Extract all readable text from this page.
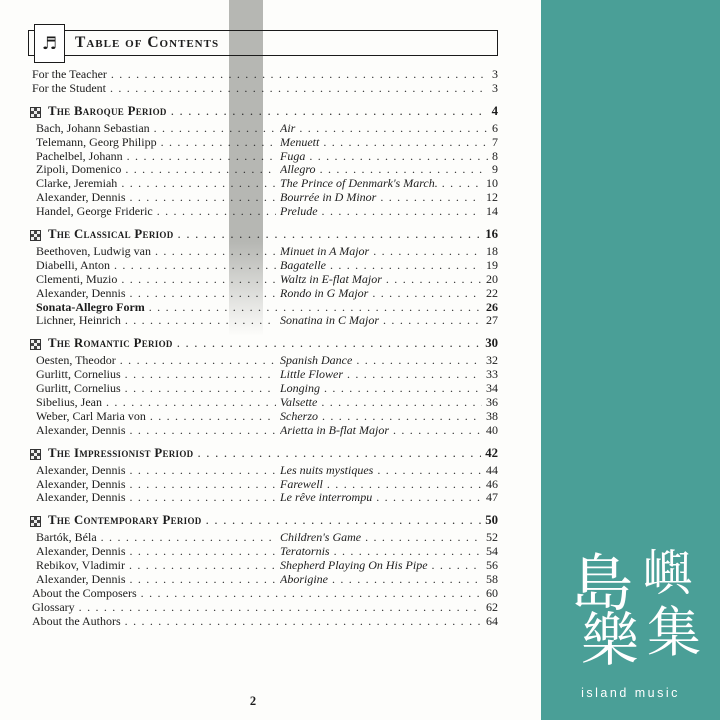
島 嶼
樂 集
island music
♬	Table of Contents
For the Teacher . . .	3
For the Student . . .	3
The Baroque Period . . .	4
Bach, Johann Sebastian . . .	Air . . .	6
Telemann, Georg Philipp . . .	Menuett . . .	7
Pachelbel, Johann . . .	Fuga . . .	8
Zipoli, Domenico . . .	Allegro . . .	9
Clarke, Jeremiah . . .	The Prince of Denmark's March. . . .	10
Alexander, Dennis . . .	Bourrée in D Minor . . .	12
Handel, George Frideric . . .	Prelude . . .	14
The Classical Period . . .	16
Beethoven, Ludwig van . . .	Minuet in A Major . . .	18
Diabelli, Anton . . .	Bagatelle . . .	19
Clementi, Muzio . . .	Waltz in E-flat Major . . .	20
Alexander, Dennis . . .	Rondo in G Major . . .	22
Sonata-Allegro Form . . .	26
Lichner, Heinrich . . .	Sonatina in C Major . . .	27
The Romantic Period . . .	30
Oesten, Theodor . . .	Spanish Dance . . .	32
Gurlitt, Cornelius . . .	Little Flower . . .	33
Gurlitt, Cornelius . . .	Longing . . .	34
Sibelius, Jean . . .	Valsette . . .	36
Weber, Carl Maria von . . .	Scherzo . . .	38
Alexander, Dennis . . .	Arietta in B-flat Major . . .	40
The Impressionist Period . . .	42
Alexander, Dennis . . .	Les nuits mystiques . . .	44
Alexander, Dennis . . .	Farewell . . .	46
Alexander, Dennis . . .	Le rêve interrompu . . .	47
The Contemporary Period . . .	50
Bartók, Béla . . .	Children's Game . . .	52
Alexander, Dennis . . .	Teratornis . . .	54
Rebikov, Vladimir . . .	Shepherd Playing On His Pipe . . .	56
Alexander, Dennis . . .	Aborigine . . .	58
About the Composers . . .	60
Glossary . . .	62
About the Authors . . .	64
2
